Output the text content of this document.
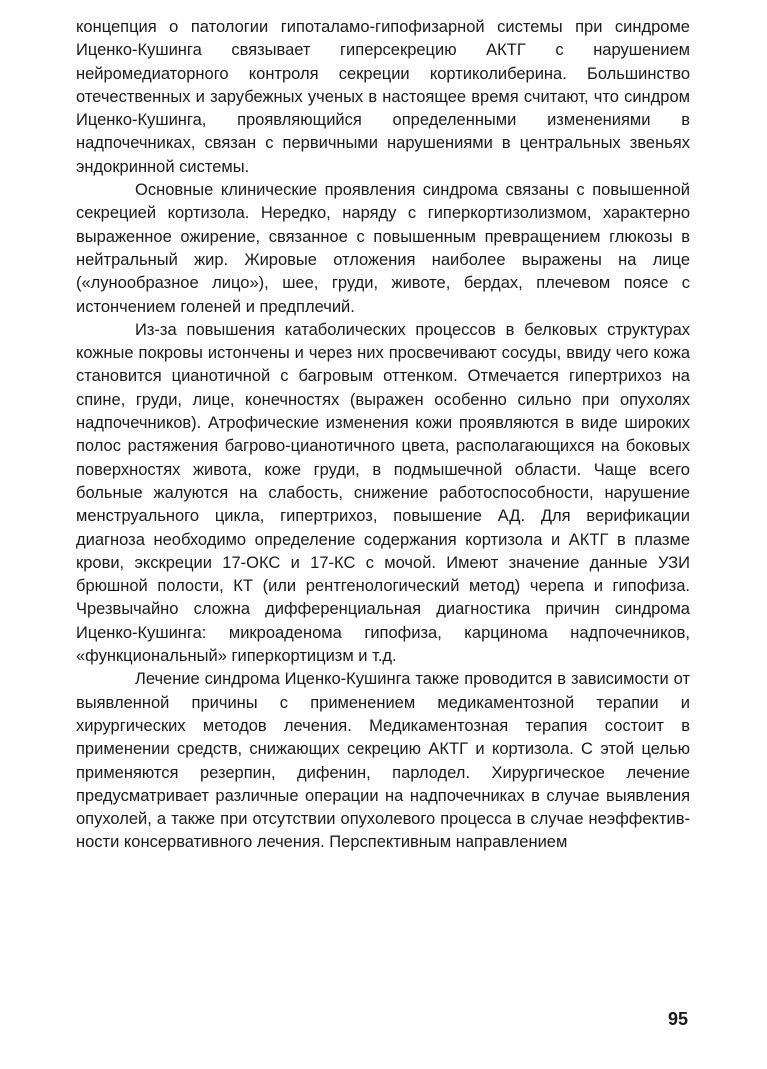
концепция о патологии гипоталамо-гипофизарной системы при синдроме Иценко-Кушинга связывает гиперсекрецию АКТГ с нарушением нейромедиаторного контроля секреции кортиколиберина. Большинство отечественных и зарубежных ученых в настоящее время считают, что синдром Иценко-Кушинга, проявляющийся определенными изменениями в надпочечниках, связан с первичными нарушениями в центральных звеньях эндокринной системы.

Основные клинические проявления синдрома связаны с повышенной секрецией кортизола. Нередко, наряду с гиперкортизолизмом, характерно выраженное ожирение, связанное с повышенным превращением глюкозы в нейтральный жир. Жировые отложения наиболее выражены на лице («лунообразное лицо»), шее, груди, животе, бердах, плечевом поясе с истончением голеней и предплечий.

Из-за повышения катаболических процессов в белковых структурах кожные покровы истончены и через них просвечивают сосуды, ввиду чего кожа становится цианотичной с багровым оттенком. Отмечается гипертрихоз на спине, груди, лице, конечностях (выражен особенно сильно при опухолях надпочечников). Атрофические изменения кожи проявляются в виде широких полос растяжения багрово-цианотичного цвета, располагающихся на боковых поверхностях живота, коже груди, в подмышечной области. Чаще всего больные жалуются на слабость, снижение работоспособности, нарушение менструального цикла, гипертрихоз, повышение АД. Для верификации диагноза необходимо определение содержания кортизола и АКТГ в плазме крови, экскреции 17-ОКС и 17-КС с мочой. Имеют значение данные УЗИ брюшной полости, КТ (или рентгенологический метод) черепа и гипофиза. Чрезвычайно сложна дифференциальная диагностика причин синдрома Иценко-Кушинга: микроаденома гипофиза, карцинома надпочечников, «функциональный» гиперкортицизм и т.д.

Лечение синдрома Иценко-Кушинга также проводится в зависимости от выявленной причины с применением медикаментозной терапии и хирургических методов лечения. Медикаментозная терапия состоит в применении средств, снижающих секрецию АКТГ и кортизола. С этой целью применяются резерпин, дифенин, парлодел. Хирургическое лечение предусматривает различные операции на надпочечниках в случае выявления опухолей, а также при отсутствии опухолевого процесса в случае неэффективности консервативного лечения. Перспективным направлением

95
